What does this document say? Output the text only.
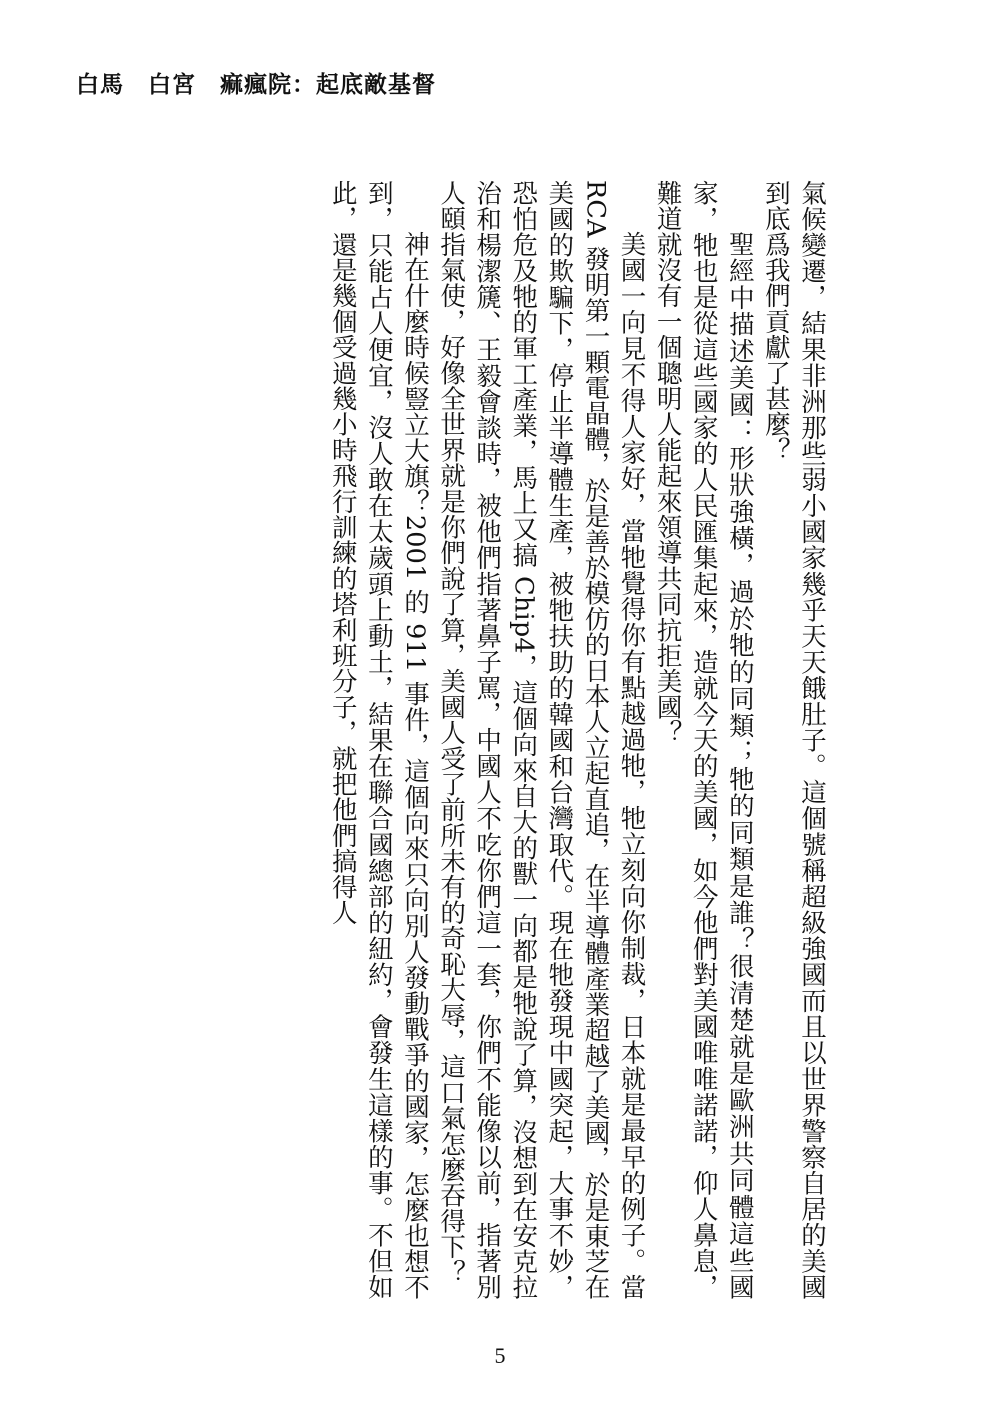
白馬 白宮 痲瘋院：起底敵基督

氣候變遷，結果非洲那些弱小國家幾乎天天餓肚子。這個號稱超級強國而且以世界警察自居的美國到底爲我們貢獻了甚麼？

聖經中描述美國：形狀強橫，過於牠的同類；牠的同類是誰？很清楚就是歐洲共同體這些國家，牠也是從這些國家的人民匯集起來，造就今天的美國，如今他們對美國唯唯諾諾，仰人鼻息，難道就沒有一個聰明人能起來領導共同抗拒美國？

美國一向見不得人家好，當牠覺得你有點越過牠，牠立刻向你制裁，日本就是最早的例子。當 RCA 發明第一顆電晶體，於是善於模仿的日本人立起直追，在半導體產業超越了美國，於是東芝在美國的欺騙下，停止半導體生產，被牠扶助的韓國和台灣取代。現在牠發現中國突起，大事不妙，恐怕危及牠的軍工產業，馬上又搞 Chip4，這個向來自大的獸一向都是牠說了算，沒想到在安克拉治和楊潔篪、王毅會談時，被他們指著鼻子罵，中國人不吃你們這一套，你們不能像以前，指著別人頤指氣使，好像全世界就是你們說了算，美國人受了前所未有的奇恥大辱，這口氣怎麼吞得下？

神在什麼時候豎立大旗？2001 的 911 事件，這個向來只向別人發動戰爭的國家，怎麼也想不到，只能占人便宜，沒人敢在太歲頭上動土，結果在聯合國總部的紐約，會發生這樣的事。不但如此，還是幾個受過幾小時飛行訓練的塔利班分子，就把他們搞得人

5
